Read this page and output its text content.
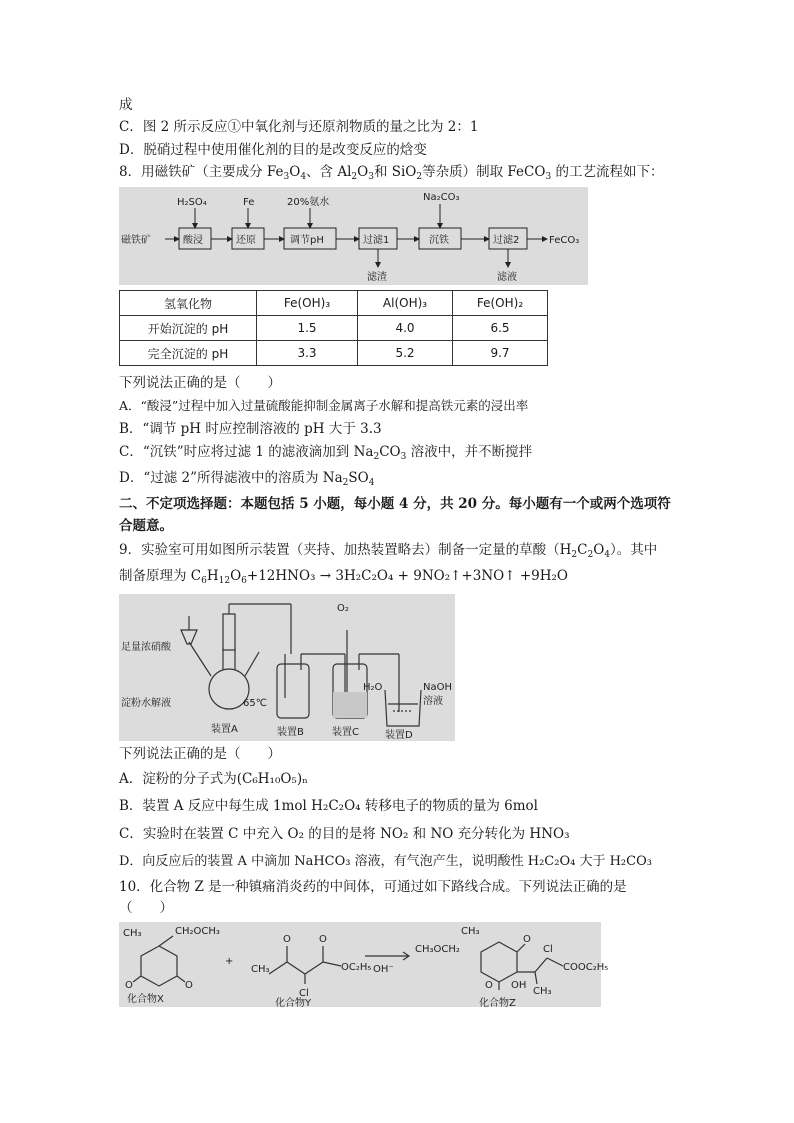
成
C．图 2 所示反应①中氧化剂与还原剂物质的量之比为 2：1
D．脱硝过程中使用催化剂的目的是改变反应的焓变
8．用磁铁矿（主要成分 $Fe_3O_4$、含 $Al_2O_3$和 SiO$_2$等杂质）制取 FeCO$_3$ 的工艺流程如下：
磁铁矿	酸浸	还原	调节pH	过滤1	沉铁	过滤2	FeCO₃
H₂SO₄	Fe	20%氨水	Na₂CO₃
滤渣	滤液
氢氧化物	Fe(OH)₃	Al(OH)₃	Fe(OH)₂
开始沉淀的 pH	1.5	4.0	6.5
完全沉淀的 pH	3.3	5.2	9.7
下列说法正确的是（　　）
A．“酸浸”过程中加入过量硫酸能抑制金属离子水解和提高铁元素的浸出率
B．“调节 pH 时应控制溶液的 pH 大于 3.3
C．“沉铁”时应将过滤 1 的滤液滴加到 $Na_2CO_3$ 溶液中，并不断搅拌
D．“过滤 2”所得滤液中的溶质为 $Na_2SO_4$
二、不定项选择题：本题包括 5 小题，每小题 4 分，共 20 分。每小题有一个或两个选项符
合题意。
9．实验室可用如图所示装置（夹持、加热装置略去）制备一定量的草酸$(H_2C_2O_4)$。其中
制备原理为 $C_6H_{12}O_6+12HNO_3 \to 3H_2C_2O_4$ + 9NO₂↑+3NO↑ +9H₂O
足量浓硝酸
淀粉水解液	65℃
O₂
H₂O	NaOH
溶液
装置A	装置B	装置C	装置D
下列说法正确的是（　　）
A．淀粉的分子式为(C₆H₁₀O₅)ₙ
B．装置 A 反应中每生成 1mol H₂C₂O₄ 转移电子的物质的量为 6mol
C．实验时在装置 C 中充入 O₂ 的目的是将 NO₂ 和 NO 充分转化为 HNO₃
D．向反应后的装置 A 中滴加 NaHCO₃ 溶液，有气泡产生，说明酸性 H₂C₂O₄ 大于 H₂CO₃
10．化合物 Z 是一种镇痛消炎药的中间体，可通过如下路线合成。下列说法正确的是
（　　）
CH₃	CH₂OCH₃
O	O
化合物X
+
CH₃
O	O
OC₂H₅
Cl
化合物Y
OH⁻
CH₃
CH₃OCH₂
O
O
Cl
COOC₂H₅
OH
CH₃
化合物Z
